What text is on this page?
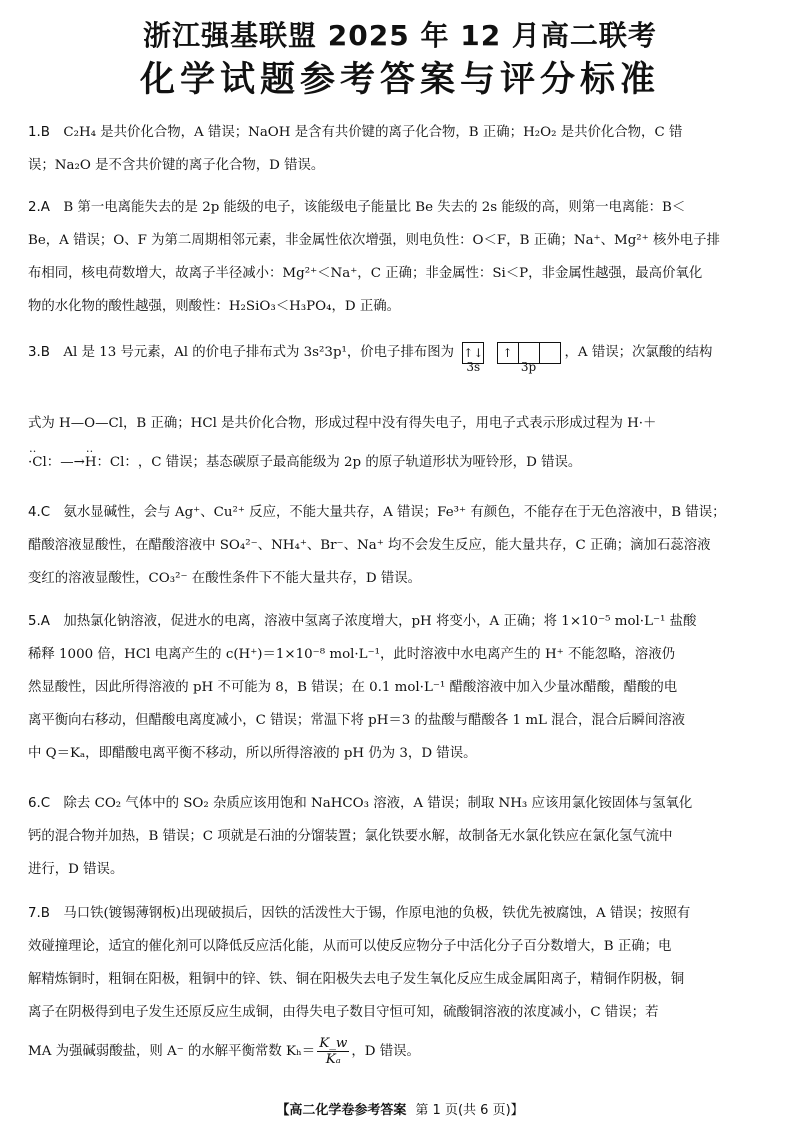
浙江强基联盟 2025 年 12 月高二联考
化学试题参考答案与评分标准
1.B　 C₂H₄ 是共价化合物，A 错误；NaOH 是含有共价键的离子化合物，B 正确；H₂O₂ 是共价化合物，C 错
误；Na₂O 是不含共价键的离子化合物，D 错误。
2.A　 B 第一电离能失去的是 2p 能级的电子，该能级电子能量比 Be 失去的 2s 能级的高，则第一电离能：B＜
Be，A 错误；O、F 为第二周期相邻元素，非金属性依次增强，则电负性：O＜F，B 正确；Na⁺、Mg²⁺ 核外电子排
布相同，核电荷数增大，故离子半径减小：Mg²⁺＜Na⁺，C 正确；非金属性：Si＜P，非金属性越强，最高价氧化
物的水化物的酸性越强，则酸性：H₂SiO₃＜H₃PO₄，D 正确。
3.B　 Al 是 13 号元素，Al 的价电子排布式为 3s²3p¹，价电子排布图为 ↑↓
3s
↑
3p
，A 错误；次氯酸的结构
式为 H—O—Cl，B 正确；HCl 是共价化合物，形成过程中没有得失电子，用电子式表示形成过程为 H·＋
‥ ·Cl：—→‥ H：Cl：，C 错误；基态碳原子最高能级为 2p 的原子轨道形状为哑铃形，D 错误。
4.C　 氨水显碱性，会与 Ag⁺、Cu²⁺ 反应，不能大量共存，A 错误；Fe³⁺ 有颜色，不能存在于无色溶液中，B 错误；
醋酸溶液显酸性，在醋酸溶液中 SO₄²⁻、NH₄⁺、Br⁻、Na⁺ 均不会发生反应，能大量共存，C 正确；滴加石蕊溶液
变红的溶液显酸性，CO₃²⁻ 在酸性条件下不能大量共存，D 错误。
5.A　 加热氯化钠溶液，促进水的电离，溶液中氢离子浓度增大，pH 将变小，A 正确；将 1×10⁻⁵ mol·L⁻¹ 盐酸
稀释 1000 倍，HCl 电离产生的 c(H⁺)＝1×10⁻⁸ mol·L⁻¹，此时溶液中水电离产生的 H⁺ 不能忽略，溶液仍
然显酸性，因此所得溶液的 pH 不可能为 8，B 错误；在 0.1 mol·L⁻¹ 醋酸溶液中加入少量冰醋酸，醋酸的电
离平衡向右移动，但醋酸电离度减小，C 错误；常温下将 pH＝3 的盐酸与醋酸各 1 mL 混合，混合后瞬间溶液
中 Q＝Kₐ，即醋酸电离平衡不移动，所以所得溶液的 pH 仍为 3，D 错误。
6.C　 除去 CO₂ 气体中的 SO₂ 杂质应该用饱和 NaHCO₃ 溶液，A 错误；制取 NH₃ 应该用氯化铵固体与氢氧化
钙的混合物并加热，B 错误；C 项就是石油的分馏装置；氯化铁要水解，故制备无水氯化铁应在氯化氢气流中
进行，D 错误。
7.B　 马口铁(镀锡薄钢板)出现破损后，因铁的活泼性大于锡，作原电池的负极，铁优先被腐蚀，A 错误；按照有
效碰撞理论，适宜的催化剂可以降低反应活化能，从而可以使反应物分子中活化分子百分数增大，B 正确；电
解精炼铜时，粗铜在阳极，粗铜中的锌、铁、铜在阳极失去电子发生氧化反应生成金属阳离子，精铜作阴极，铜
离子在阴极得到电子发生还原反应生成铜，由得失电子数目守恒可知，硫酸铜溶液的浓度减小，C 错误；若
MA 为强碱弱酸盐，则 A⁻ 的水解平衡常数 $K_h= \frac{K\_w}{\text{Kₐ}}$ ，D 错误。
【高二化学卷参考答案 第 1 页(共 6 页)】
